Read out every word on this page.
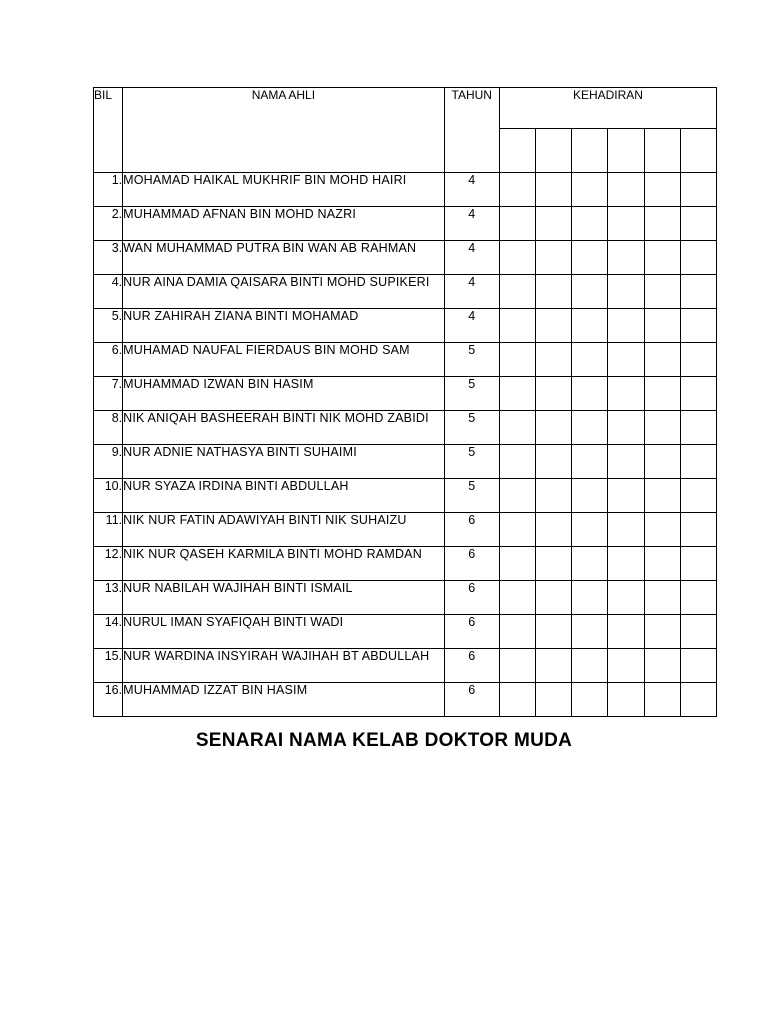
BIL	NAMA AHLI	TAHUN	KEHADIRAN					

1.	MOHAMAD HAIKAL MUKHRIF BIN MOHD HAIRI	4						
2.	MUHAMMAD AFNAN BIN MOHD NAZRI	4						
3.	WAN MUHAMMAD PUTRA BIN WAN AB RAHMAN	4						
4.	NUR AINA DAMIA QAISARA BINTI MOHD SUPIKERI	4						
5.	NUR ZAHIRAH ZIANA BINTI MOHAMAD	4						
6.	MUHAMAD NAUFAL FIERDAUS BIN MOHD SAM	5						
7.	MUHAMMAD IZWAN BIN HASIM	5						
8.	NIK ANIQAH BASHEERAH BINTI NIK MOHD ZABIDI	5						
9.	NUR ADNIE NATHASYA BINTI SUHAIMI	5						
10.	NUR SYAZA IRDINA BINTI ABDULLAH	5						
11.	NIK NUR FATIN ADAWIYAH BINTI NIK SUHAIZU	6						
12.	NIK NUR QASEH KARMILA BINTI MOHD RAMDAN	6						
13.	NUR NABILAH WAJIHAH BINTI ISMAIL	6						
14.	NURUL IMAN SYAFIQAH BINTI WADI	6						
15.	NUR WARDINA INSYIRAH WAJIHAH BT ABDULLAH	6						
16.	MUHAMMAD IZZAT BIN HASIM	6						
SENARAI NAMA KELAB DOKTOR MUDA
